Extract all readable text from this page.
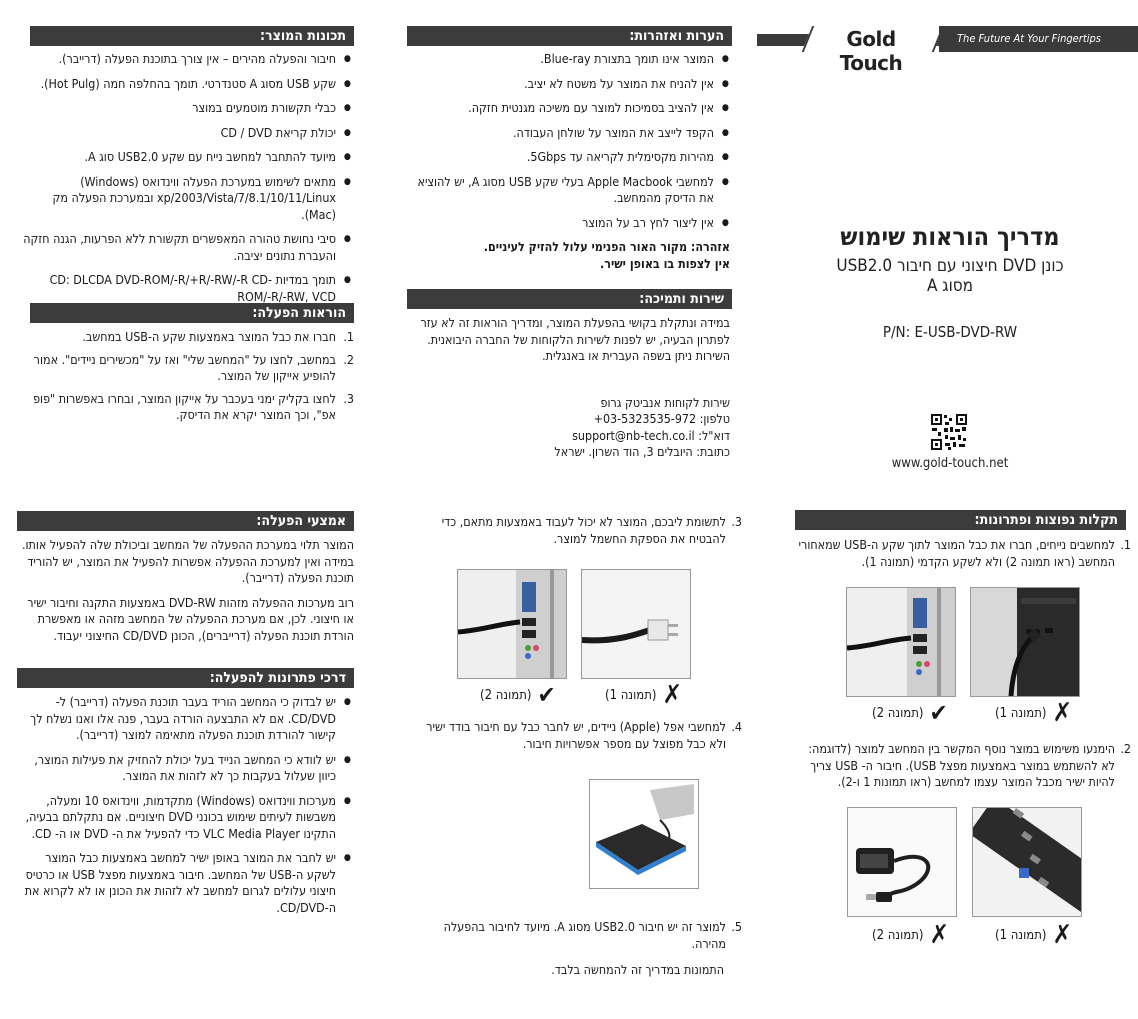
Gold Touch
The Future At Your Fingertips
מדריך הוראות שימוש
כונן DVD חיצוני עם חיבור USB2.0
מסוג A
P/N: E-USB-DVD-RW
www.gold-touch.net
הערות ואזהרות:
● המוצר אינו תומך בתצורת Blue-ray.
● אין להניח את המוצר על משטח לא יציב.
● אין להציב בסמיכות למוצר עם משיכה מגנטית חזקה.
● הקפד לייצב את המוצר על שולחן העבודה.
● מהירות מקסימלית לקריאה עד 5Gbps.
● למחשבי Apple Macbook בעלי שקע USB מסוג A, יש להוציא את הדיסק מהמחשב.
● אין ליצור לחץ רב על המוצר
אזהרה: מקור האור הפנימי עלול להזיק לעיניים.
אין לצפות בו באופן ישיר.
שירות ותמיכה:
במידה ונתקלת בקושי בהפעלת המוצר, ומדריך הוראות זה לא עזר לפתרון הבעיה, יש לפנות לשירות הלקוחות של החברה היבואנית. השירות ניתן בשפה העברית או באנגלית.
שירות לקוחות אנביטק גרופ
טלפון: 03-5323535-972+
דוא"ל: support@nb-tech.co.il
כתובת: היובלים 3, הוד השרון. ישראל
תכונות המוצר:
● חיבור והפעלה מהירים – אין צורך בתוכנת הפעלה (דרייבר).
● שקע USB מסוג A סטנדרטי. תומך בהחלפה חמה (Hot Pulg).
● כבלי תקשורת מוטמעים במוצר
● יכולת קריאת CD / DVD
● מיועד להתחבר למחשב נייח עם שקע USB2.0 סוג A.
● מתאים לשימוש במערכת הפעלה ווינדואס (Windows) xp/2003/Vista/7/8.1/10/11/Linux ובמערכת הפעלה מק (Mac).
● סיבי נחושת טהורה המאפשרים תקשורת ללא הפרעות, הגנה חזקה והעברת נתונים יציבה.
● תומך במדיות CD: DLCDA DVD-ROM/-R/+R/-RW/-R CD-ROM/-R/-RW, VCD
הוראות הפעלה:
1.
חברו את כבל המוצר באמצעות שקע ה-USB במחשב.
2.
במחשב, לחצו על "המחשב שלי" ואז על "מכשירים ניידים". אמור להופיע אייקון של המוצר.
3.
לחצו בקליק ימני בעכבר על אייקון המוצר, ובחרו באפשרות "פופ אפ", וכך המוצר יקרא את הדיסק.
תקלות נפוצות ופתרונות:
1.
למחשבים נייחים, חברו את כבל המוצר לתוך שקע ה-USB שמאחורי המחשב (ראו תמונה 2) ולא לשקע הקדמי (תמונה 1).
✗
(תמונה 1)
✔
(תמונה 2)
2.
הימנעו משימוש במוצר נוסף המקשר בין המחשב למוצר (לדוגמה: לא להשתמש במוצר באמצעות מפצל USB). חיבור ה- USB צריך להיות ישיר מכבל המוצר עצמו למחשב (ראו תמונות 1 ו-2).
✗
(תמונה 1)
✗
(תמונה 2)
3.
לתשומת ליבכם, המוצר לא יכול לעבוד באמצעות מתאם, כדי להבטיח את הספקת החשמל למוצר.
✗
(תמונה 1)
✔
(תמונה 2)
4.
למחשבי אפל (Apple) ניידים, יש לחבר כבל עם חיבור בודד ישיר ולא כבל מפוצל עם מספר אפשרויות חיבור.
5.
למוצר זה יש חיבור USB2.0 מסוג A. מיועד לחיבור בהפעלה מהירה.
התמונות במדריך זה להמחשה בלבד.
אמצעי הפעלה:
המוצר תלוי במערכת ההפעלה של המחשב וביכולת שלה להפעיל אותו. במידה ואין למערכת ההפעלה אפשרות להפעיל את המוצר, יש להוריד תוכנת הפעלה (דרייבר).
רוב מערכות ההפעלה מזהות DVD-RW באמצעות התקנה וחיבור ישיר או חיצוני. לכן, אם מערכת ההפעלה של המחשב מזהה או מאפשרת הורדת תוכנת הפעלה (דרייברים), הכונן CD/DVD החיצוני יעבוד.
דרכי פתרונות להפעלה:
● יש לבדוק כי המחשב הוריד בעבר תוכנת הפעלה (דרייבר) ל-CD/DVD. אם לא התבצעה הורדה בעבר, פנה אלו ואנו נשלח לך קישור להורדת תוכנת הפעלה מתאימה למוצר (דרייבר).
● יש לוודא כי המחשב הנייד בעל יכולת להחזיק את פעילות המוצר, כיוון שעלול בעקבות כך לא לזהות את המוצר.
● מערכות ווינדואס (Windows) מתקדמות, ווינדואס 10 ומעלה, משבשות לעיתים שימוש בכונני DVD חיצוניים. אם נתקלתם בבעיה, התקינו VLC Media Player כדי להפעיל את ה- DVD או ה- CD.
● יש לחבר את המוצר באופן ישיר למחשב באמצעות כבל המוצר לשקע ה-USB של המחשב. חיבור באמצעות מפצל USB או כרטיס חיצוני עלולים לגרום למחשב לא לזהות את הכונן או לא לקרוא את ה-CD/DVD.
